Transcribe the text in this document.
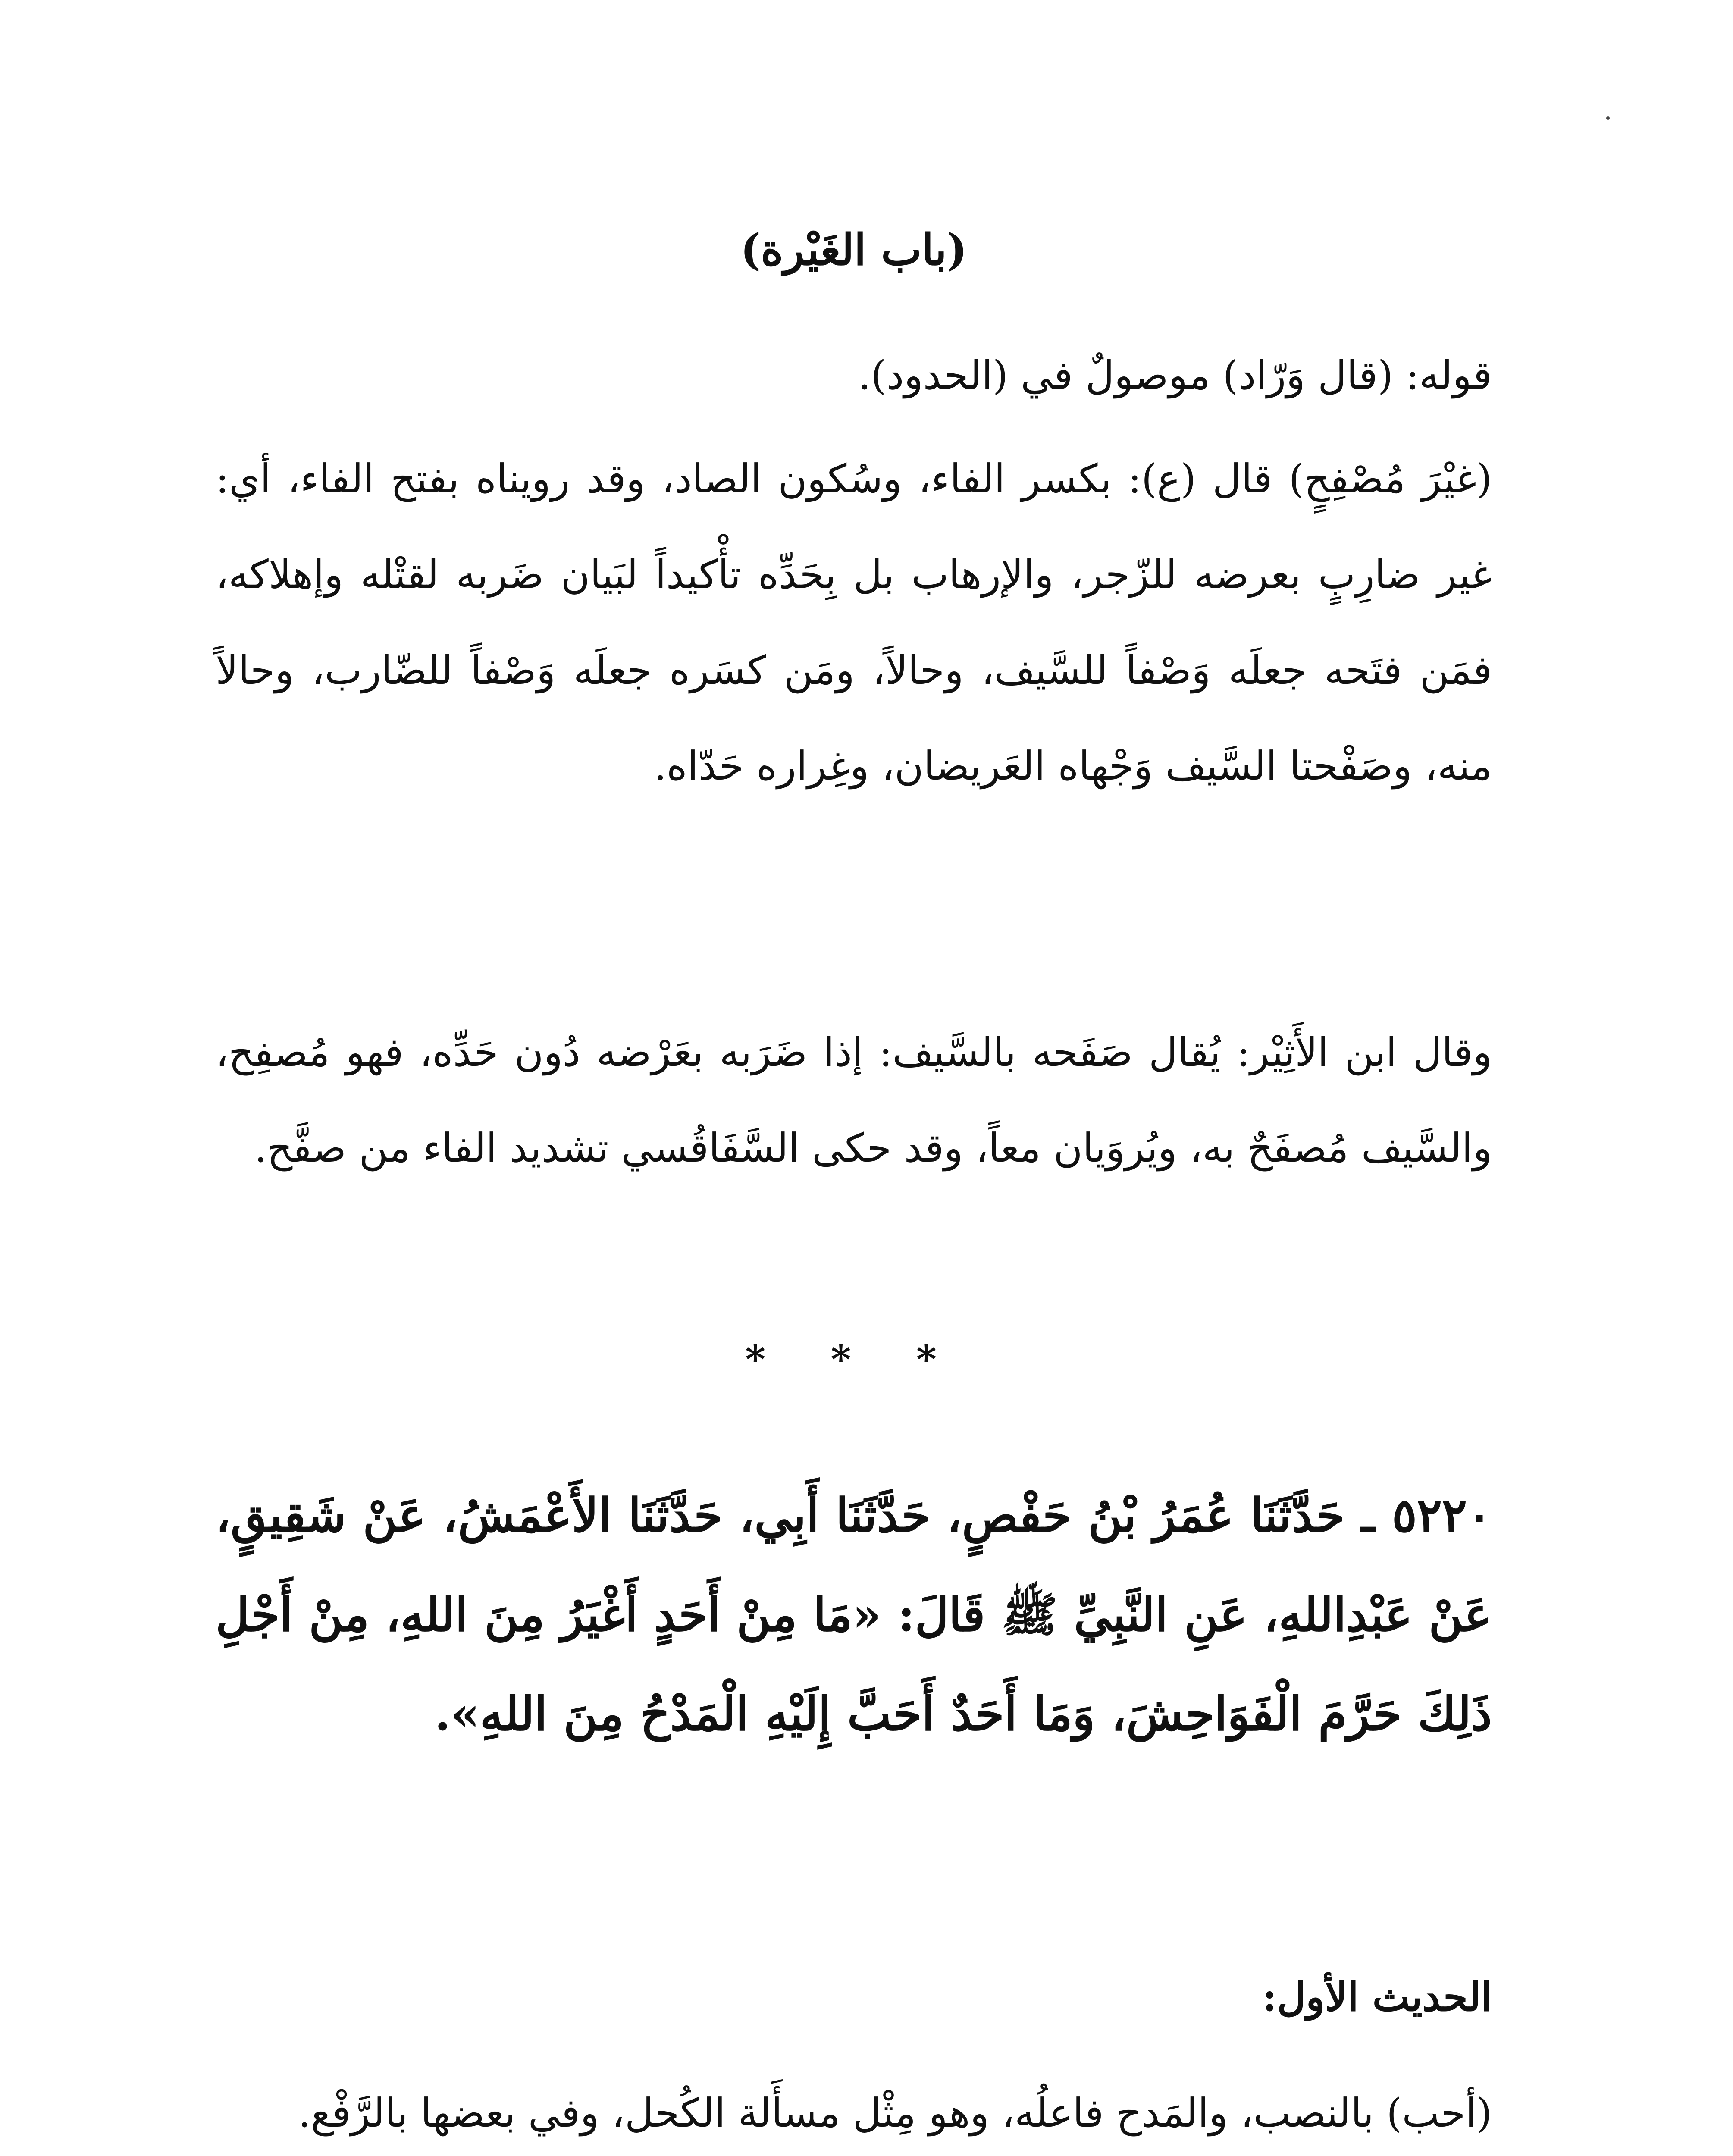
(باب الغَيْرة)

قوله: (قال وَرّاد) موصولٌ في (الحدود).

(غيْرَ مُصْفِحٍ) قال (ع): بكسر الفاء، وسُكون الصاد، وقد رويناه بفتح الفاء، أي: غير ضارِبٍ بعرضه للزّجر، والإرهاب بل بِحَدِّه تأْكيداً لبَيان ضَربه لقتْله وإهلاكه، فمَن فتَحه جعلَه وَصْفاً للسَّيف، وحالاً، ومَن كسَره جعلَه وَصْفاً للضّارب، وحالاً منه، وصَفْحتا السَّيف وَجْهاه العَريضان، وغِراره حَدّاه.

وقال ابن الأَثِيْر: يُقال صَفَحه بالسَّيف: إذا ضَرَبه بعَرْضه دُون حَدِّه، فهو مُصفِح، والسَّيف مُصفَحٌ به، ويُروَيان معاً، وقد حكى السَّفَاقُسي تشديد الفاء من صفَّح.

* * *

٥٢٢٠ ـ حَدَّثَنَا عُمَرُ بْنُ حَفْصٍ، حَدَّثَنَا أَبِي، حَدَّثَنَا الأَعْمَشُ، عَنْ شَقِيقٍ، عَنْ عَبْدِاللهِ، عَنِ النَّبِيِّ ﷺ قَالَ: «مَا مِنْ أَحَدٍ أَغْيَرُ مِنَ اللهِ، مِنْ أَجْلِ ذَلِكَ حَرَّمَ الْفَوَاحِشَ، وَمَا أَحَدٌ أَحَبَّ إِلَيْهِ الْمَدْحُ مِنَ اللهِ».

الحديث الأول:

(أحب) بالنصب، والمَدح فاعلُه، وهو مِثْل مسأَلة الكُحل، وفي بعضها بالرَّفْع.
